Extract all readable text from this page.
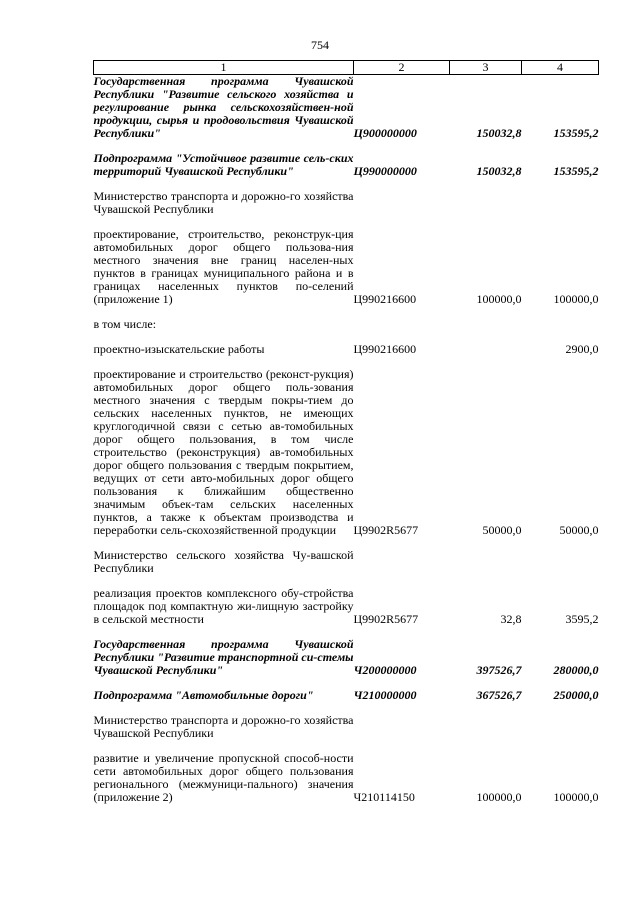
754
1	2	3	4
Государственная программа Чувашской Республики "Развитие сельского хозяйства и регулирование рынка сельскохозяйствен-ной продукции, сырья и продовольствия Чувашской Республики"	Ц900000000	150032,8	153595,2

Подпрограмма "Устойчивое развитие сель-ских территорий Чувашской Республики"	Ц990000000	150032,8	153595,2

Министерство транспорта и дорожно-го хозяйства Чувашской Республики			

проектирование, строительство, реконструк-ция автомобильных дорог общего пользова-ния местного значения вне границ населен-ных пунктов в границах муниципального района и в границах населенных пунктов по-селений (приложение 1)	Ц990216600	100000,0	100000,0

в том числе:			

проектно-изыскательские работы	Ц990216600		2900,0

проектирование и строительство (реконст-рукция) автомобильных дорог общего поль-зования местного значения с твердым покры-тием до сельских населенных пунктов, не имеющих круглогодичной связи с сетью ав-томобильных дорог общего пользования, в том числе строительство (реконструкция) ав-томобильных дорог общего пользования с твердым покрытием, ведущих от сети авто-мобильных дорог общего пользования к ближайшим общественно значимым объек-там сельских населенных пунктов, а также к объектам производства и переработки сель-скохозяйственной продукции	Ц9902R5677	50000,0	50000,0

Министерство сельского хозяйства Чу-вашской Республики			

реализация проектов комплексного обу-стройства площадок под компактную жи-лищную застройку в сельской местности	Ц9902R5677	32,8	3595,2

Государственная программа Чувашской Республики "Развитие транспортной си-стемы Чувашской Республики"	Ч200000000	397526,7	280000,0

Подпрограмма "Автомобильные дороги"	Ч210000000	367526,7	250000,0

Министерство транспорта и дорожно-го хозяйства Чувашской Республики			

развитие и увеличение пропускной способ-ности сети автомобильных дорог общего пользования регионального (межмуници-пального) значения (приложение 2)	Ч210114150	100000,0	100000,0
